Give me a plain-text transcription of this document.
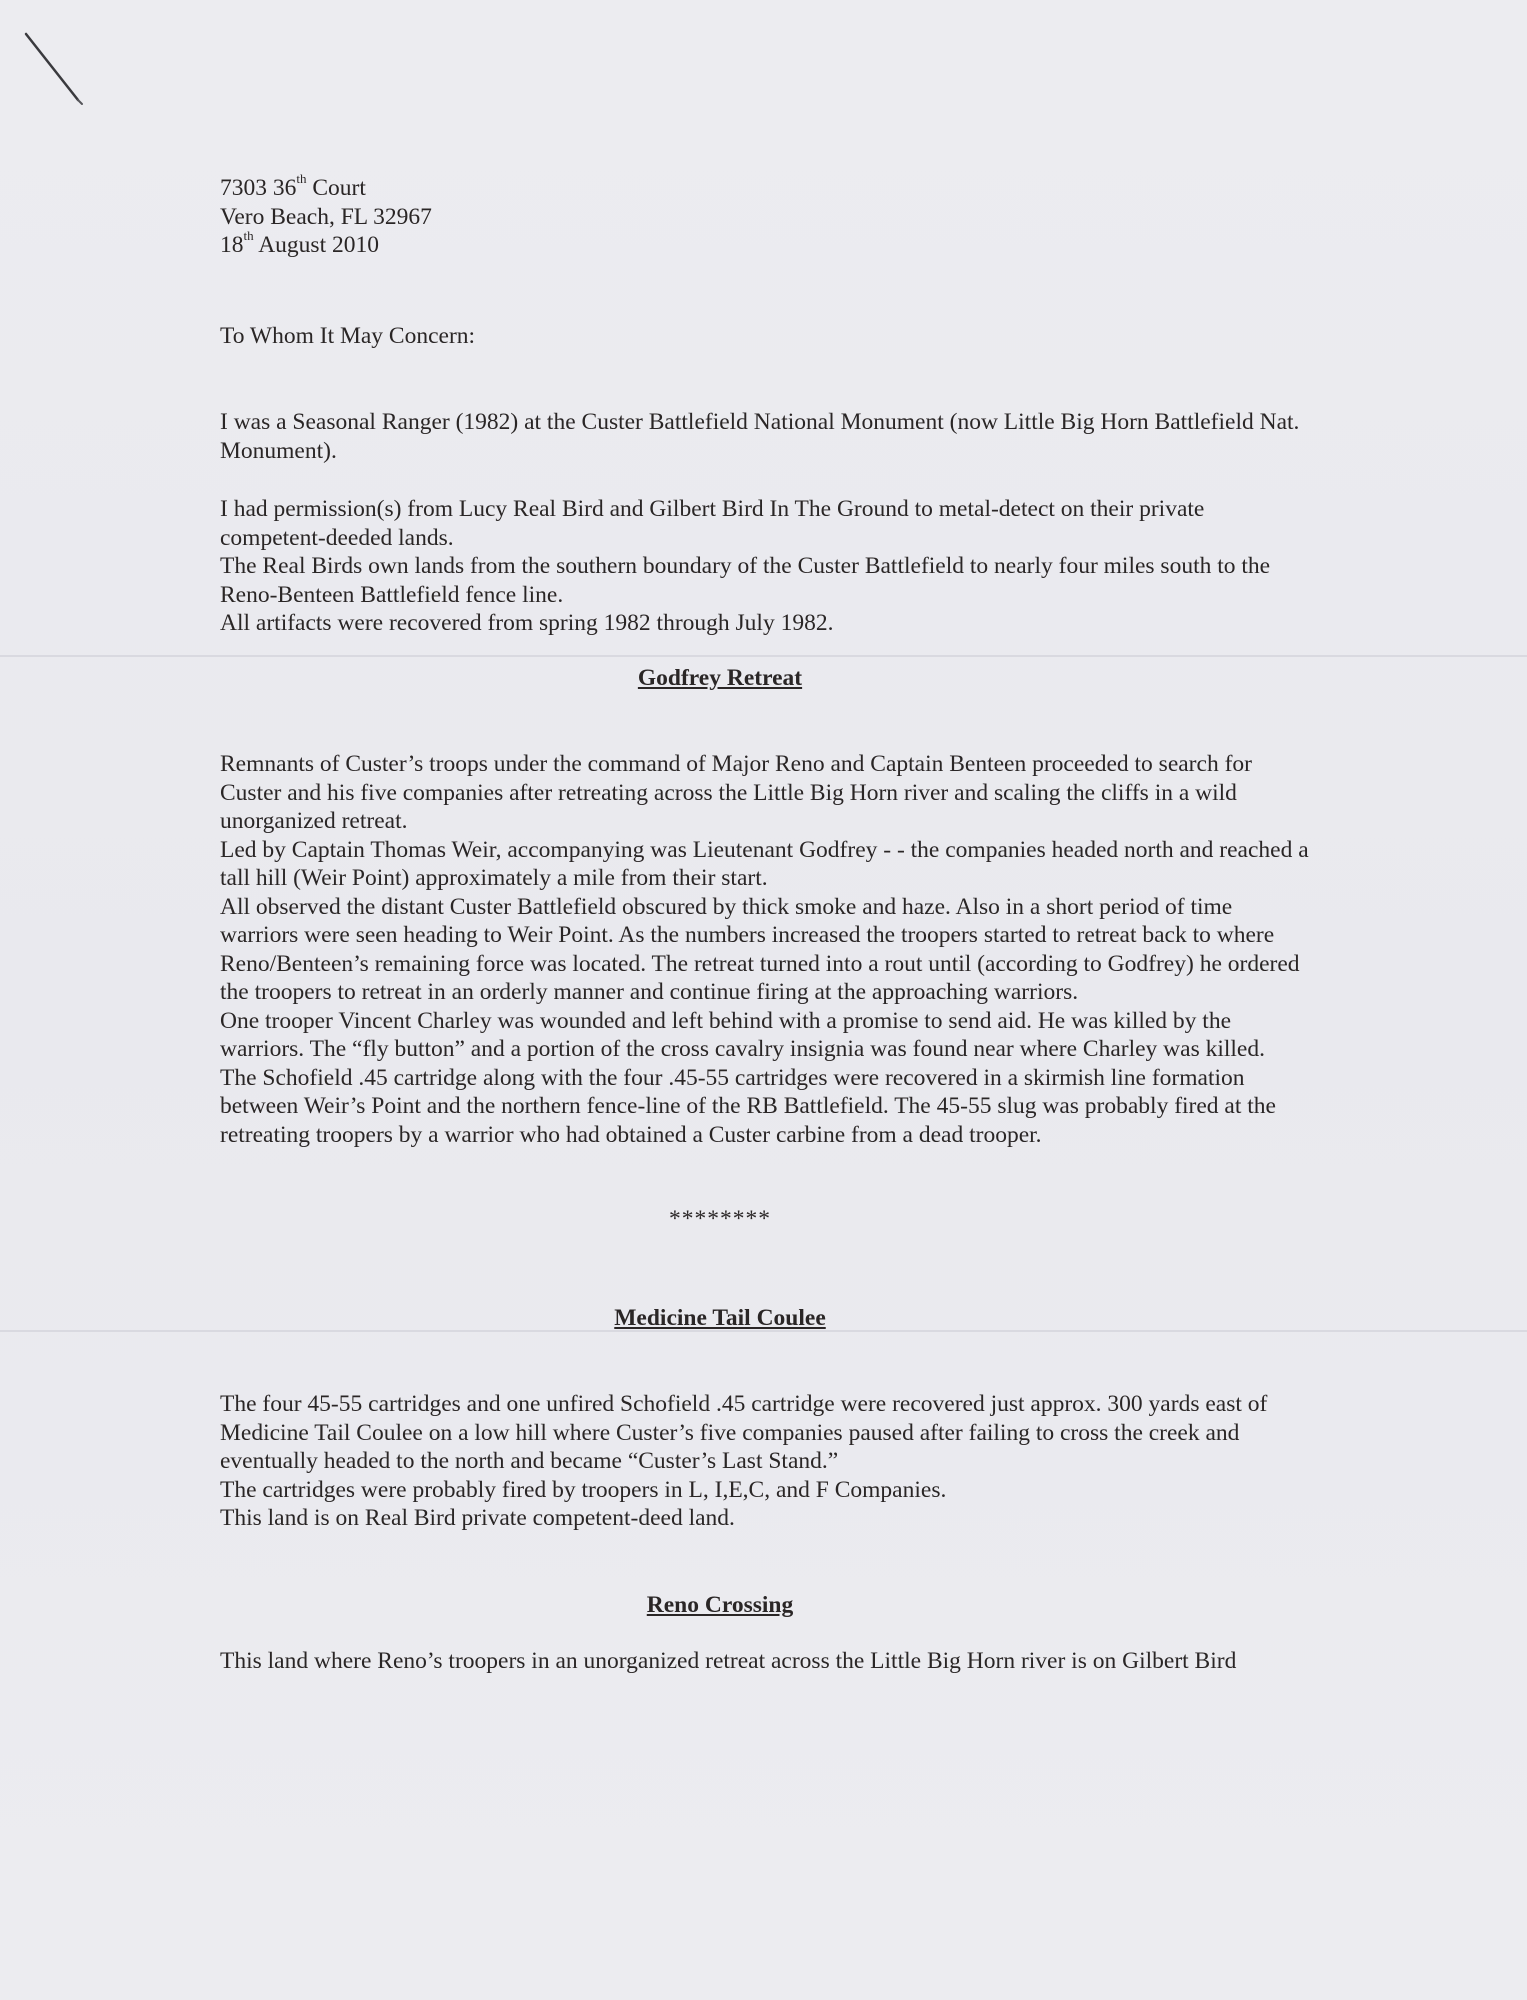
7303 36th Court

Vero Beach, FL 32967

18th August 2010

To Whom It May Concern:

I was a Seasonal Ranger (1982) at the Custer Battlefield National Monument (now Little Big Horn Battlefield Nat. Monument).

I had permission(s) from Lucy Real Bird and Gilbert Bird In The Ground to metal-detect on their private competent-deeded lands.

The Real Birds own lands from the southern boundary of the Custer Battlefield to nearly four miles south to the Reno-Benteen Battlefield fence line.

All artifacts were recovered from spring 1982 through July 1982.

Godfrey Retreat

Remnants of Custer’s troops under the command of Major Reno and Captain Benteen proceeded to search for Custer and his five companies after retreating across the Little Big Horn river and scaling the cliffs in a wild unorganized retreat.

Led by Captain Thomas Weir, accompanying was Lieutenant Godfrey - - the companies headed north and reached a tall hill (Weir Point) approximately a mile from their start.

All observed the distant Custer Battlefield obscured by thick smoke and haze. Also in a short period of time warriors were seen heading to Weir Point. As the numbers increased the troopers started to retreat back to where Reno/Benteen’s remaining force was located. The retreat turned into a rout until (according to Godfrey) he ordered the troopers to retreat in an orderly manner and continue firing at the approaching warriors.

One trooper Vincent Charley was wounded and left behind with a promise to send aid. He was killed by the warriors. The “fly button” and a portion of the cross cavalry insignia was found near where Charley was killed.

The Schofield .45 cartridge along with the four .45-55 cartridges were recovered in a skirmish line formation between Weir’s Point and the northern fence-line of the RB Battlefield. The 45-55 slug was probably fired at the retreating troopers by a warrior who had obtained a Custer carbine from a dead trooper.

********

Medicine Tail Coulee

The four 45-55 cartridges and one unfired Schofield .45 cartridge were recovered just approx. 300 yards east of Medicine Tail Coulee on a low hill where Custer’s five companies paused after failing to cross the creek and eventually headed to the north and became “Custer’s Last Stand.”

The cartridges were probably fired by troopers in L, I,E,C, and F Companies.

This land is on Real Bird private competent-deed land.

Reno Crossing

This land where Reno’s troopers in an unorganized retreat across the Little Big Horn river is on Gilbert Bird
